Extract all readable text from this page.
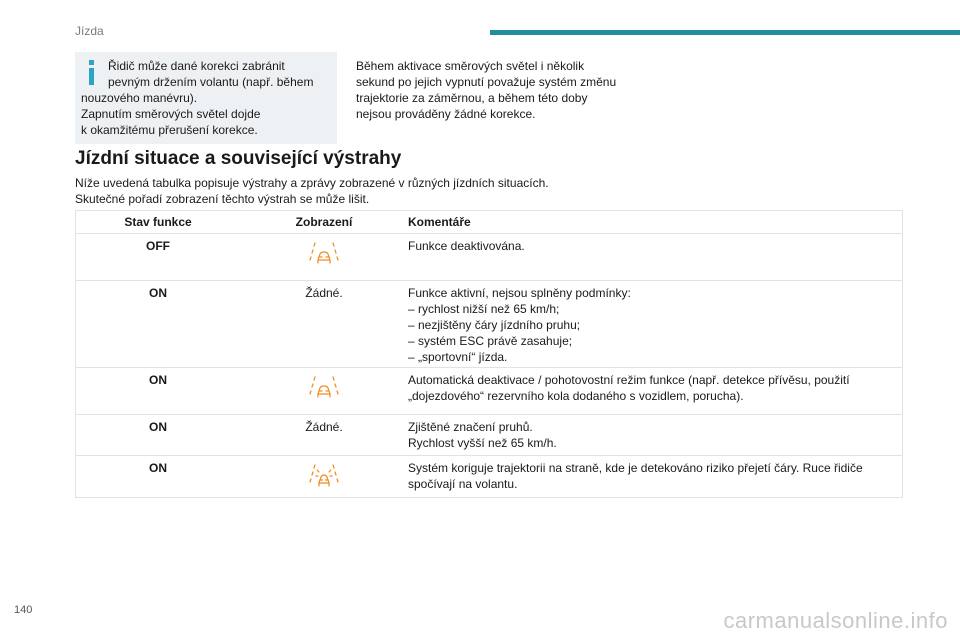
Jízda
Řidič může dané korekci zabránit
pevným držením volantu (např. během
nouzového manévru).
Zapnutím směrových světel dojde
k okamžitému přerušení korekce.
Během aktivace směrových světel i několik
sekund po jejich vypnutí považuje systém změnu
trajektorie za záměrnou, a během této doby
nejsou prováděny žádné korekce.
Jízdní situace a související výstrahy
Níže uvedená tabulka popisuje výstrahy a zprávy zobrazené v různých jízdních situacích.
Skutečné pořadí zobrazení těchto výstrah se může lišit.
Stav funkce	Zobrazení	Komentáře
OFF		Funkce deaktivována.

ON	Žádné.	Funkce aktivní, nejsou splněny podmínky:
– rychlost nižší než 65 km/h;
– nezjištěny čáry jízdního pruhu;
– systém ESC právě zasahuje;
– „sportovní“ jízda.

ON		Automatická deaktivace / pohotovostní režim funkce (např. detekce přívěsu, použití
„dojezdového“ rezervního kola dodaného s vozidlem, porucha).

ON	Žádné.	Zjištěné značení pruhů.
Rychlost vyšší než 65 km/h.

ON		Systém koriguje trajektorii na straně, kde je detekováno riziko přejetí čáry. Ruce řidiče
spočívají na volantu.
140	carmanualsonline.info
